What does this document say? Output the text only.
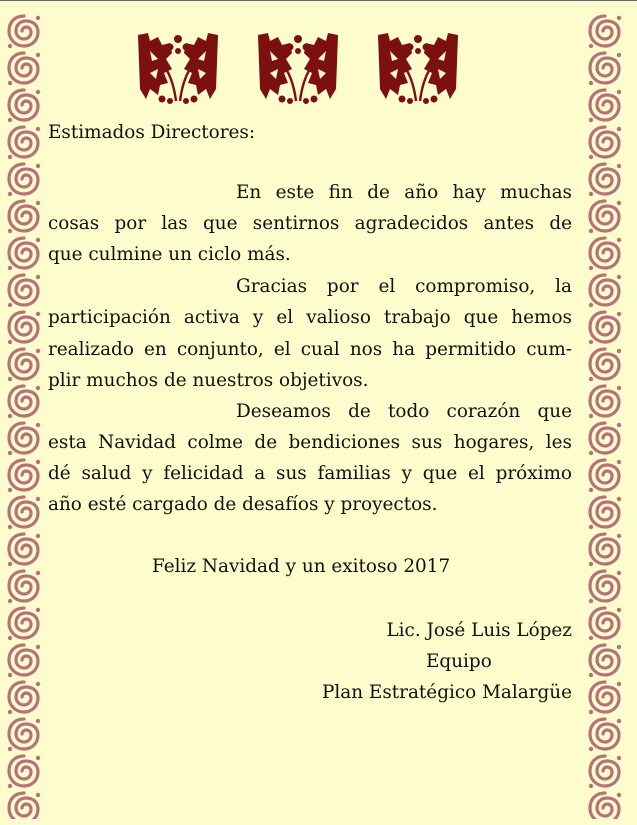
Estimados Directores:
En este fin de año hay muchas
cosas por las que sentirnos agradecidos antes de
que culmine un ciclo más.
Gracias por el compromiso, la
participación activa y el valioso trabajo que hemos
realizado en conjunto, el cual nos ha permitido cum-
plir muchos de nuestros objetivos.
Deseamos de todo corazón que
esta Navidad colme de bendiciones sus hogares, les
dé salud y felicidad a sus familias y que el próximo
año esté cargado de desafíos y proyectos.
Feliz Navidad y un exitoso 2017
Lic. José Luis López
Equipo
Plan Estratégico Malargüe
